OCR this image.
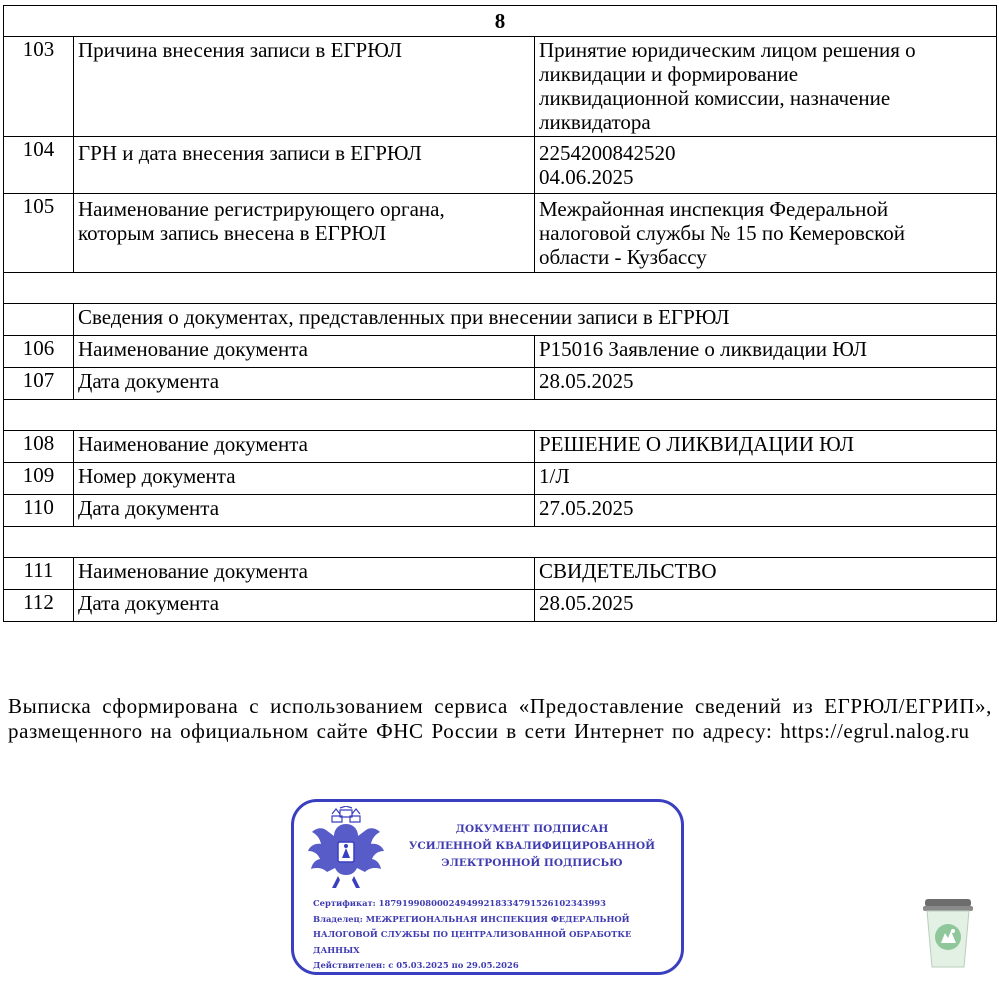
8		
103	Причина внесения записи в ЕГРЮЛ	Принятие юридическим лицом решения о
ликвидации и формирование
ликвидационной комиссии, назначение
ликвидатора
104	ГРН и дата внесения записи в ЕГРЮЛ	2254200842520
04.06.2025
105	Наименование регистрирующего органа,
которым запись внесена в ЕГРЮЛ	Межрайонная инспекция Федеральной
налоговой службы № 15 по Кемеровской
области - Кузбассу

	Сведения о документах, представленных при внесении записи в ЕГРЮЛ	
106	Наименование документа	Р15016 Заявление о ликвидации ЮЛ
107	Дата документа	28.05.2025

108	Наименование документа	РЕШЕНИЕ О ЛИКВИДАЦИИ ЮЛ
109	Номер документа	1/Л
110	Дата документа	27.05.2025

111	Наименование документа	СВИДЕТЕЛЬСТВО
112	Дата документа	28.05.2025
Выписка сформирована с использованием сервиса «Предоставление сведений из ЕГРЮЛ/ЕГРИП», размещенного на официальном сайте ФНС России в сети Интернет по адресу: https://egrul.nalog.ru
ДОКУМЕНТ ПОДПИСАН
УСИЛЕННОЙ КВАЛИФИЦИРОВАННОЙ
ЭЛЕКТРОННОЙ ПОДПИСЬЮ
Сертификат: 1879199080002494992183347915261023439​93
Владелец: МЕЖРЕГИОНАЛЬНАЯ ИНСПЕКЦИЯ ФЕДЕРАЛЬНОЙ
НАЛОГОВОЙ СЛУЖБЫ ПО ЦЕНТРАЛИЗОВАННОЙ ОБРАБОТКЕ
ДАННЫХ
Действителен: с 05.03.2025 по 29.05.2026
